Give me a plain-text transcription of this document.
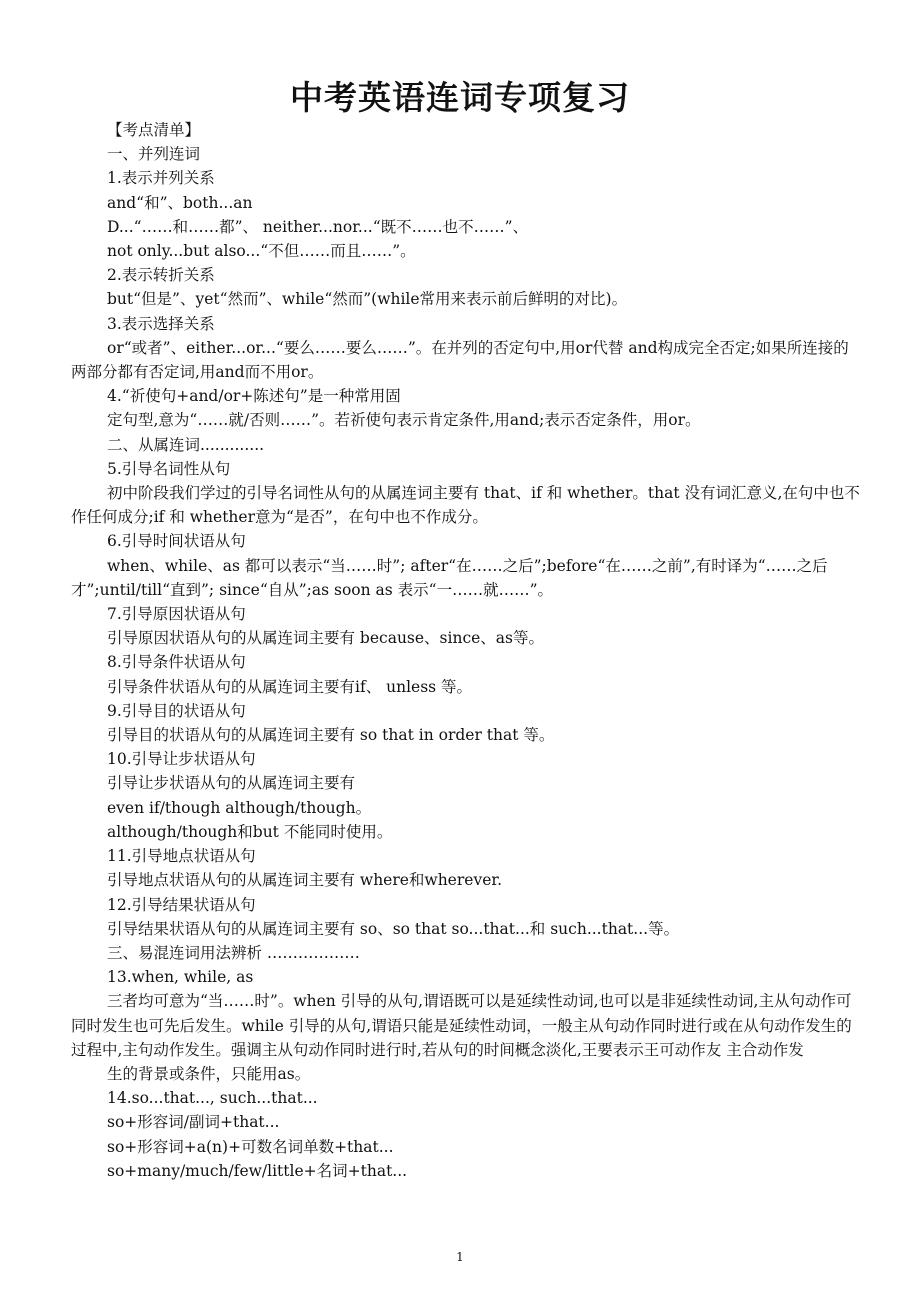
中考英语连词专项复习

【考点清单】

一、并列连词

1.表示并列关系

and“和”、both...an

D...“……和……都”、 neither...nor...“既不……也不……”、

not only...but also...“不但……而且……”。

2.表示转折关系

but“但是”、yet“然而”、while“然而”(while常用来表示前后鲜明的对比)。

3.表示选择关系

or“或者”、either...or...“要么……要么……”。在并列的否定句中,用or代替 and构成完全否定;如果所连接的两部分都有否定词,用and而不用or。

4.“祈使句+and/or+陈述句”是一种常用固

定句型,意为“……就/否则……”。若祈使句表示肯定条件,用and;表示否定条件，用or。

二、从属连词.............

5.引导名词性从句

初中阶段我们学过的引导名词性从句的从属连词主要有 that、if 和 whether。that 没有词汇意义,在句中也不作任何成分;if 和 whether意为“是否”，在句中也不作成分。

6.引导时间状语从句

when、while、as 都可以表示“当……时”; after“在……之后”;before“在……之前”,有时译为“……之后才”;until/till“直到”; since“自从”;as soon as 表示“一……就……”。

7.引导原因状语从句

引导原因状语从句的从属连词主要有 because、since、as等。

8.引导条件状语从句

引导条件状语从句的从属连词主要有if、 unless 等。

9.引导目的状语从句

引导目的状语从句的从属连词主要有 so that in order that 等。

10.引导让步状语从句

引导让步状语从句的从属连词主要有

even if/though although/though。

although/though和but 不能同时使用。

11.引导地点状语从句

引导地点状语从句的从属连词主要有 where和wherever.

12.引导结果状语从句

引导结果状语从句的从属连词主要有 so、so that so...that...和 such...that...等。

三、易混连词用法辨析 ………………

13.when, while, as

三者均可意为“当……时”。when 引导的从句,谓语既可以是延续性动词,也可以是非延续性动词,主从句动作可同时发生也可先后发生。while 引导的从句,谓语只能是延续性动词，一般主从句动作同时进行或在从句动作发生的过程中,主句动作发生。强调主从句动作同时进行时,若从句的时间概念淡化,王要表示王可动作友 主合动作发

生的背景或条件，只能用as。

14.so...that..., such...that...

so+形容词/副词+that...

so+形容词+a(n)+可数名词单数+that...

so+many/much/few/little+名词+that...

1
